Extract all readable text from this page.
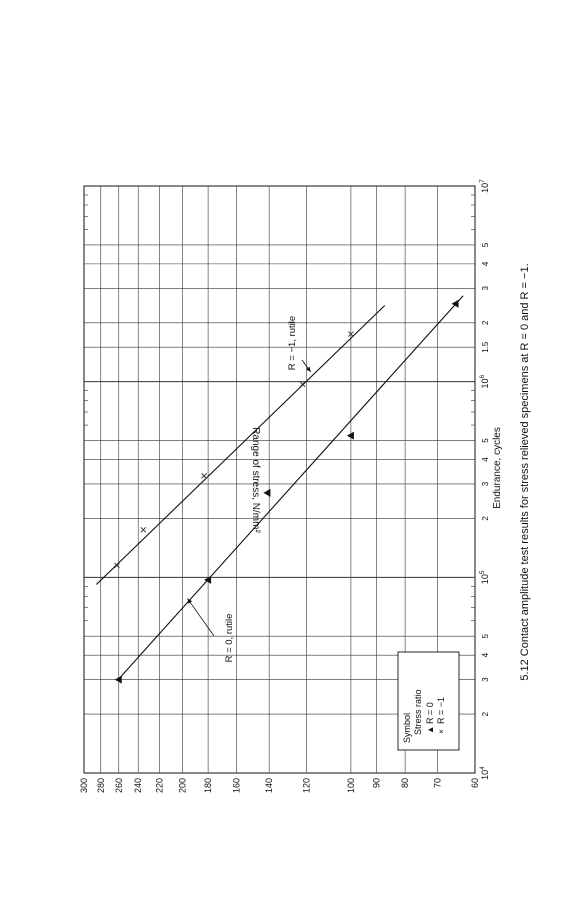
$10^4$
$10^5$
$10^6$
$10^7$
2
3
4
5
2
3
4
5
1.5
2
3
4
5
60
70
80
90
100
120
140
160
180
200
220
240
260
280
300
R = −1, rutile
R = 0, rutile
Symbol Stress ratio ▲
R = 0
×
R = −1
Endurance, cycles
Range of stress, N/mm²	5.12 Contact amplitude test results for stress relieved specimens at R = 0 and R = −1.
